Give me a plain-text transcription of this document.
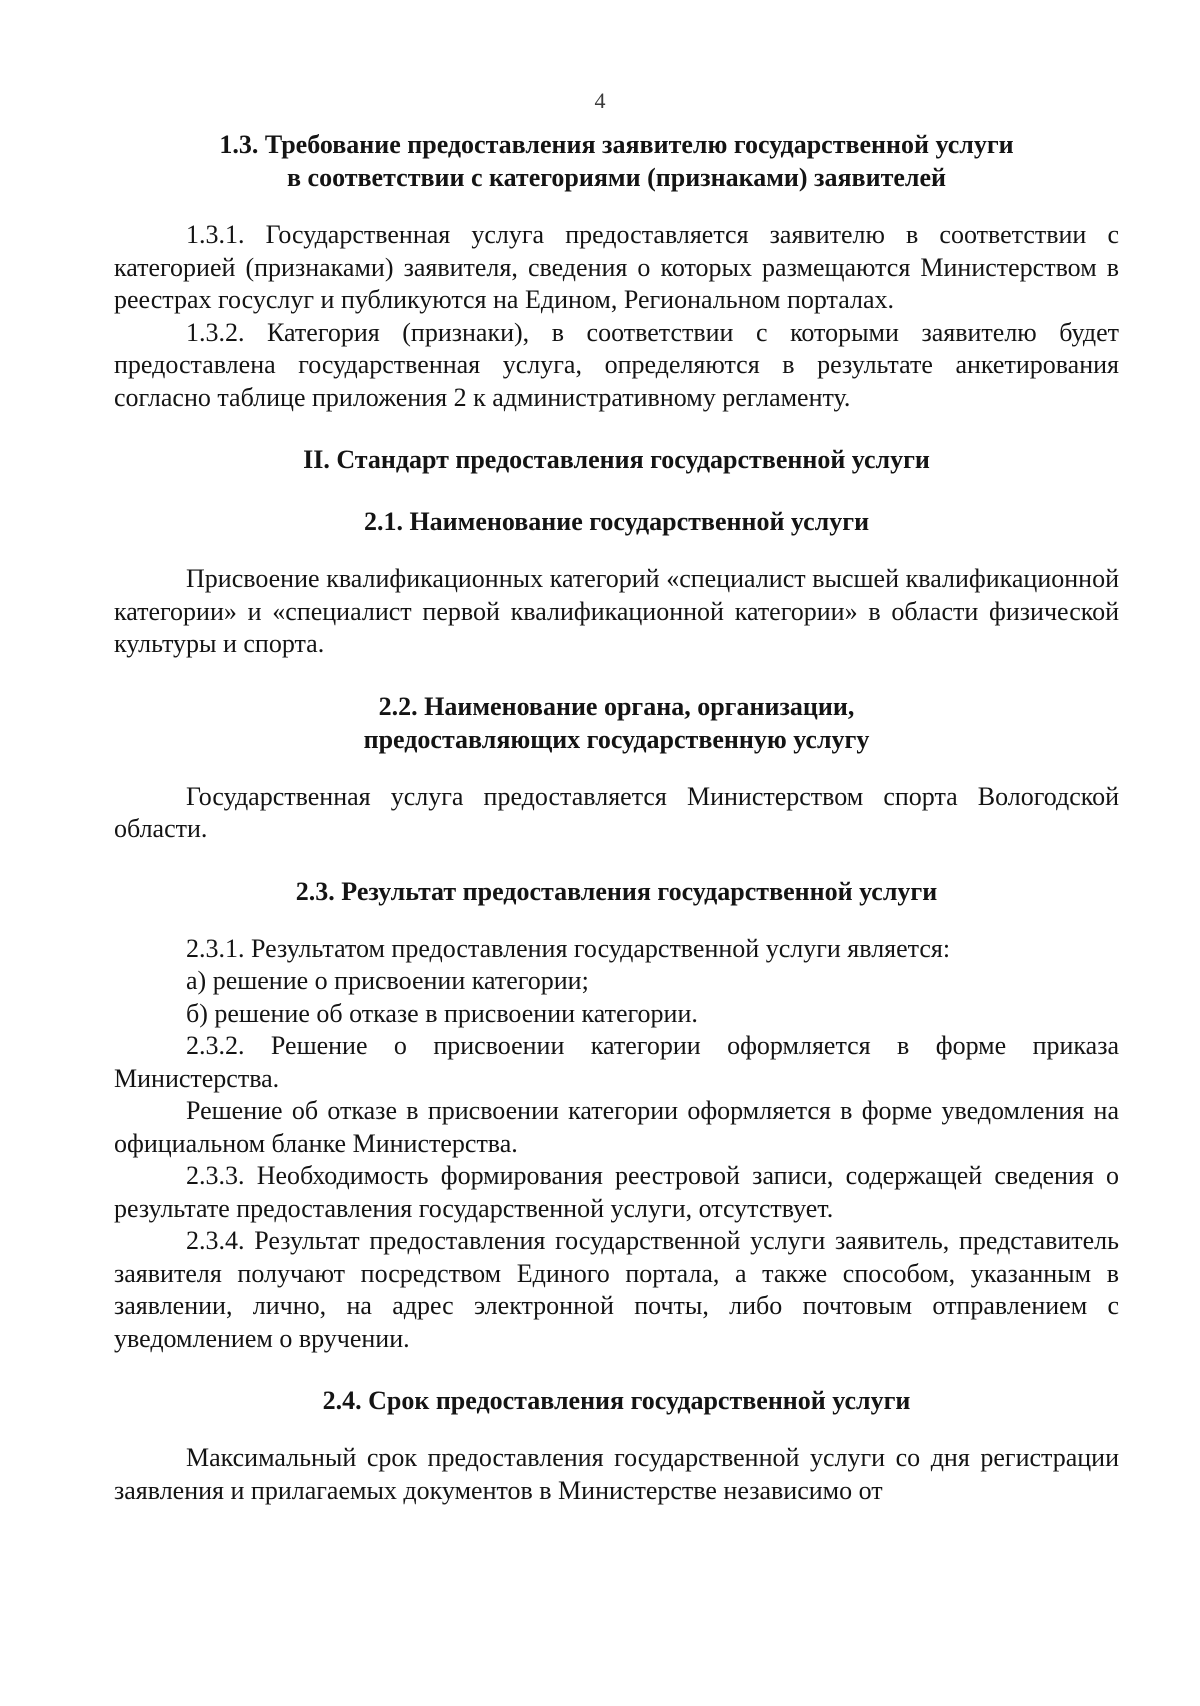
4
1.3. Требование предоставления заявителю государственной услуги
в соответствии с категориями (признаками) заявителей

1.3.1. Государственная услуга предоставляется заявителю в соответствии с категорией (признаками) заявителя, сведения о которых размещаются Министерством в реестрах госуслуг и публикуются на Едином, Региональном порталах.

1.3.2. Категория (признаки), в соответствии с которыми заявителю будет предоставлена государственная услуга, определяются в результате анкетирования согласно таблице приложения 2 к административному регламенту.

II. Стандарт предоставления государственной услуги
2.1. Наименование государственной услуги

Присвоение квалификационных категорий «специалист высшей квалификационной категории» и «специалист первой квалификационной категории» в области физической культуры и спорта.

2.2. Наименование органа, организации,
предоставляющих государственную услугу

Государственная услуга предоставляется Министерством спорта Вологодской области.

2.3. Результат предоставления государственной услуги

2.3.1. Результатом предоставления государственной услуги является:

а) решение о присвоении категории;

б) решение об отказе в присвоении категории.

2.3.2. Решение о присвоении категории оформляется в форме приказа Министерства.

Решение об отказе в присвоении категории оформляется в форме уведомления на официальном бланке Министерства.

2.3.3. Необходимость формирования реестровой записи, содержащей сведения о результате предоставления государственной услуги, отсутствует.

2.3.4. Результат предоставления государственной услуги заявитель, представитель заявителя получают посредством Единого портала, а также способом, указанным в заявлении, лично, на адрес электронной почты, либо почтовым отправлением с уведомлением о вручении.

2.4. Срок предоставления государственной услуги

Максимальный срок предоставления государственной услуги со дня регистрации заявления и прилагаемых документов в Министерстве независимо от
